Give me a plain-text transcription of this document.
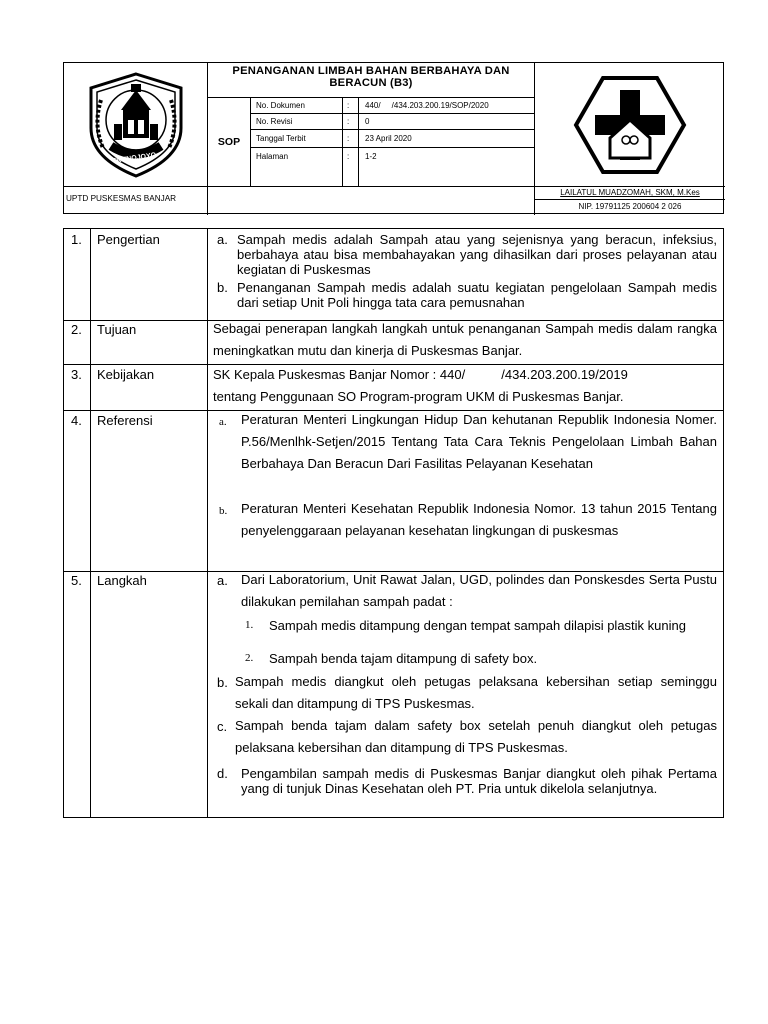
TRUNOJOYO
PENANGANAN LIMBAH BAHAN BERBAHAYA DAN BERACUN (B3)
SOP
No. Dokumen	: 440/     /434.203.200.19/SOP/2020
No. Revisi	: 0
Tanggal Terbit	: 23 April 2020
Halaman	: 1-2
UPTD PUSKESMAS BANJAR
LAILATUL MUADZOMAH, SKM, M.Kes
NIP. 19791125 200604 2 026
1. Pengertian	a. Sampah medis adalah Sampah atau yang sejenisnya yang beracun, infeksius, berbahaya atau bisa membahayakan yang dihasilkan dari proses pelayanan atau kegiatan di Puskesmas
b. Penanganan Sampah medis adalah suatu kegiatan pengelolaan Sampah medis dari setiap Unit Poli hingga tata cara pemusnahan
2. Tujuan	Sebagai penerapan langkah langkah untuk penanganan Sampah medis dalam rangka meningkatkan mutu dan kinerja di Puskesmas Banjar.
3. Kebijakan	SK Kepala Puskesmas Banjar Nomor : 440/          /434.203.200.19/2019
tentang Penggunaan SO Program-program UKM di Puskesmas Banjar.
4. Referensi	a. Peraturan Menteri Lingkungan Hidup Dan kehutanan Republik Indonesia Nomer. P.56/Menlhk-Setjen/2015 Tentang Tata Cara Teknis Pengelolaan Limbah Bahan Berbahaya Dan Beracun Dari Fasilitas Pelayanan Kesehatan
b. Peraturan Menteri Kesehatan Republik Indonesia Nomor. 13 tahun 2015 Tentang penyelenggaraan pelayanan kesehatan lingkungan di puskesmas
5. Langkah	a. Dari Laboratorium, Unit Rawat Jalan, UGD, polindes dan Ponskesdes Serta Pustu dilakukan pemilahan sampah padat :
1. Sampah medis ditampung dengan tempat sampah dilapisi plastik kuning
2. Sampah benda tajam ditampung di safety box.
b. Sampah medis diangkut oleh petugas pelaksana kebersihan setiap seminggu sekali dan ditampung di TPS Puskesmas.
c. Sampah benda tajam dalam safety box setelah penuh diangkut oleh petugas pelaksana kebersihan dan ditampung di TPS Puskesmas.
d. Pengambilan sampah medis di Puskesmas Banjar diangkut oleh pihak Pertama yang di tunjuk Dinas Kesehatan oleh PT. Pria untuk dikelola selanjutnya.
